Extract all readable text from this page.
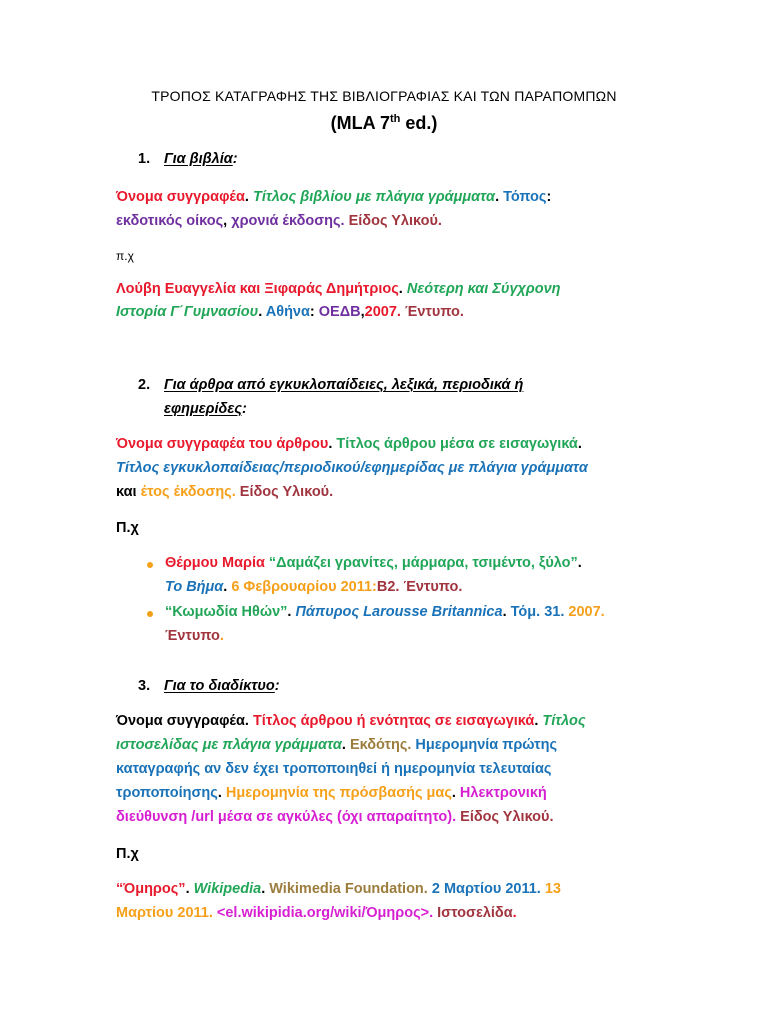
ΤΡΟΠΟΣ ΚΑΤΑΓΡΑΦΗΣ ΤΗΣ ΒΙΒΛΙΟΓΡΑΦΙΑΣ ΚΑΙ ΤΩΝ ΠΑΡΑΠΟΜΠΩΝ
(MLA 7th ed.)
1. Για βιβλία:
Όνομα συγγραφέα. Τίτλος βιβλίου με πλάγια γράμματα. Τόπος:
εκδοτικός οίκος, χρονιά έκδοσης. Είδος Υλικού.
π.χ
Λούβη Ευαγγελία και Ξιφαράς Δημήτριος. Νεότερη και Σύγχρονη
Ιστορία Γ΄Γυμνασίου. Αθήνα: ΟΕΔΒ,2007. Έντυπο.
2. Για άρθρα από εγκυκλοπαίδειες, λεξικά, περιοδικά ή
εφημερίδες:
Όνομα συγγραφέα του άρθρου. Τίτλος άρθρου μέσα σε εισαγωγικά.
Τίτλος εγκυκλοπαίδειας/περιοδικού/εφημερίδας με πλάγια γράμματα
και έτος έκδοσης. Είδος Υλικού.
Π.χ
Θέρμου Μαρία “Δαμάζει γρανίτες, μάρμαρα, τσιμέντο, ξύλο”.
Το Βήμα. 6 Φεβρουαρίου 2011:Β2. Έντυπο.
“Κωμωδία Ηθών”. Πάπυρος Larousse Britannica. Τόμ. 31. 2007.
Έντυπο.
3. Για το διαδίκτυο:
Όνομα συγγραφέα. Τίτλος άρθρου ή ενότητας σε εισαγωγικά. Τίτλος
ιστοσελίδας με πλάγια γράμματα. Εκδότης. Ημερομηνία πρώτης
καταγραφής αν δεν έχει τροποποιηθεί ή ημερομηνία τελευταίας
τροποποίησης. Ημερομηνία της πρόσβασής μας. Ηλεκτρονική
διεύθυνση /url μέσα σε αγκύλες (όχι απαραίτητο). Είδος Υλικού.
Π.χ
“Όμηρος”. Wikipedia. Wikimedia Foundation. 2 Μαρτίου 2011. 13
Μαρτίου 2011. <el.wikipidia.org/wiki/Όμηρος>. Ιστοσελίδα.
